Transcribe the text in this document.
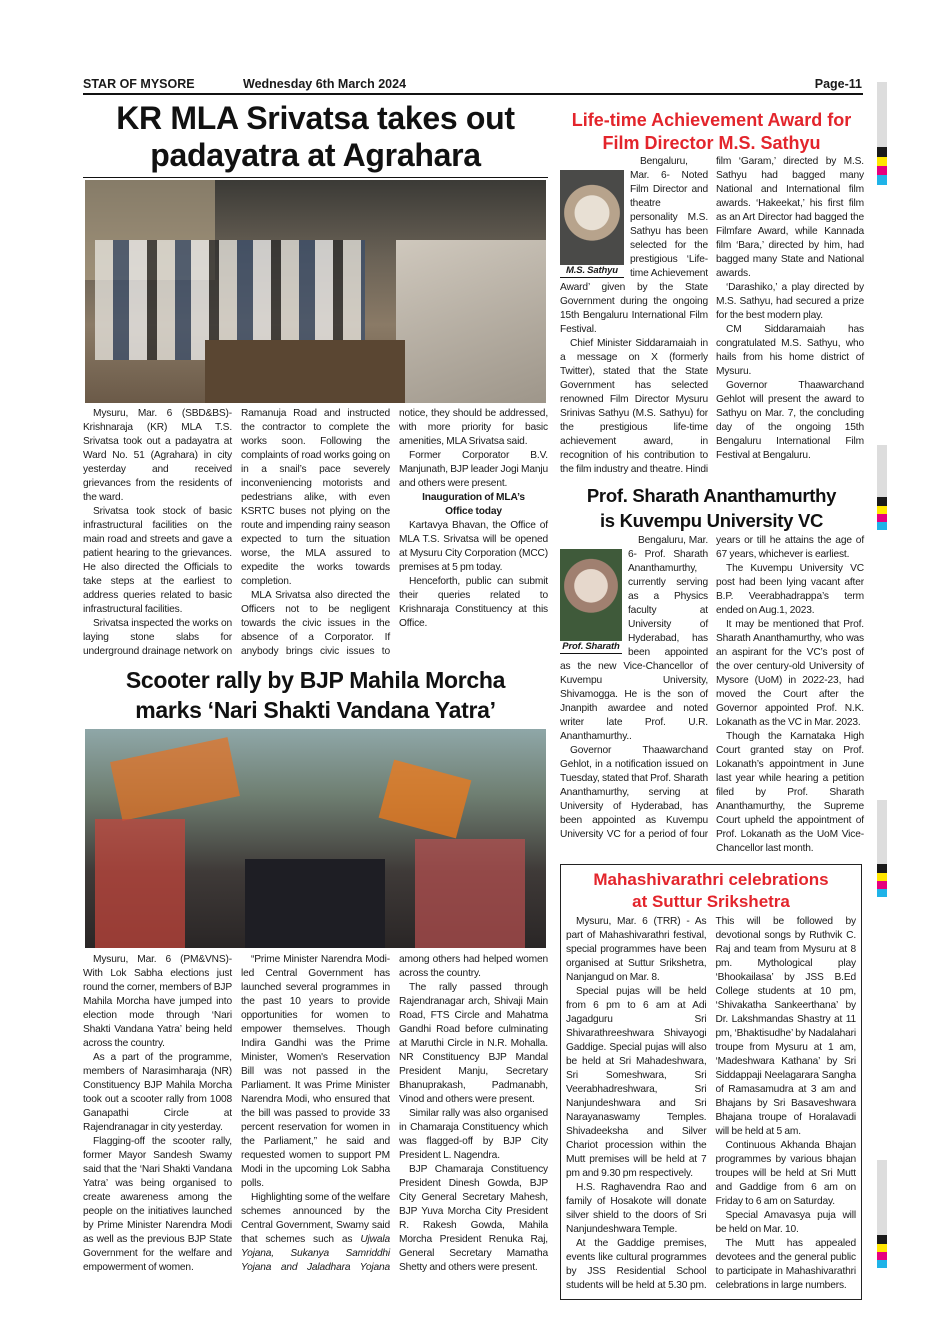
STAR OF MYSORE	Wednesday 6th March 2024	Page-11
KR MLA Srivatsa takes out
padayatra at Agrahara

Mysuru, Mar. 6 (SBD&BS)- Krishnaraja (KR) MLA T.S. Srivatsa took out a padayatra at Ward No. 51 (Agrahara) in city yesterday and received grievances from the residents of the ward.

Srivatsa took stock of basic infrastructural facilities on the main road and streets and gave a patient hearing to the grievances. He also directed the Officials to take steps at the earliest to address queries related to basic infrastructural facilities.

Srivatsa inspected the works on laying stone slabs for underground drainage network on Ramanuja Road and instructed the contractor to complete the works soon. Following the complaints of road works going on in a snail’s pace severely inconveniencing motorists and pedestrians alike, with even KSRTC buses not plying on the route and impending rainy season expected to turn the situation worse, the MLA assured to expedite the works towards completion.

MLA Srivatsa also directed the Officers not to be negligent towards the civic issues in the absence of a Corporator. If anybody brings civic issues to notice, they should be addressed, with more priority for basic amenities, MLA Srivatsa said.

Former Corporator B.V. Manjunath, BJP leader Jogi Manju and others were present.

Inauguration of MLA’s

Office today

Kartavya Bhavan, the Office of MLA T.S. Srivatsa will be opened at Mysuru City Corporation (MCC) premises at 5 pm today.

Henceforth, public can submit their queries related to Krishnaraja Constituency at this Office.

Scooter rally by BJP Mahila Morcha
marks ‘Nari Shakti Vandana Yatra’

Mysuru, Mar. 6 (PM&VNS)- With Lok Sabha elections just round the corner, members of BJP Mahila Morcha have jumped into election mode through ‘Nari Shakti Vandana Yatra’ being held across the country.

As a part of the programme, members of Narasimharaja (NR) Constituency BJP Mahila Morcha took out a scooter rally from 1008 Ganapathi Circle at Rajendranagar in city yesterday.

Flagging-off the scooter rally, former Mayor Sandesh Swamy said that the ‘Nari Shakti Vandana Yatra’ was being organised to create awareness among the people on the initiatives launched by Prime Minister Narendra Modi as well as the previous BJP State Government for the welfare and empowerment of women.

“Prime Minister Narendra Modi-led Central Government has launched several programmes in the past 10 years to provide opportunities for women to empower themselves. Though Indira Gandhi was the Prime Minister, Women's Reservation Bill was not passed in the Parliament. It was Prime Minister Narendra Modi, who ensured that the bill was passed to provide 33 percent reservation for women in the Parliament,” he said and requested women to support PM Modi in the upcoming Lok Sabha polls.

Highlighting some of the welfare schemes announced by the Central Government, Swamy said that schemes such as Ujwala Yojana, Sukanya Samriddhi Yojana and Jaladhara Yojana among others had helped women across the country.

The rally passed through Rajendranagar arch, Shivaji Main Road, FTS Circle and Mahatma Gandhi Road before culminating at Maruthi Circle in N.R. Mohalla. NR Constituency BJP Mandal President Manju, Secretary Bhanuprakash, Padmanabh, Vinod and others were present.

Similar rally was also organised in Chamaraja Constituency which was flagged-off by BJP City President L. Nagendra.

BJP Chamaraja Constituency President Dinesh Gowda, BJP City General Secretary Mahesh, BJP Yuva Morcha City President R. Rakesh Gowda, Mahila Morcha President Renuka Raj, General Secretary Mamatha Shetty and others were present.

Life-time Achievement Award for
Film Director M.S. Sathyu
M.S. Sathyu

Bengaluru, Mar. 6- Noted Film Director and theatre personality M.S. Sathyu has been selected for the prestigious ‘Life-time Achievement Award’ given by the State Government during the ongoing 15th Bengaluru International Film Festival.

Chief Minister Siddaramaiah in a message on X (formerly Twitter), stated that the State Government has selected renowned Film Director Mysuru Srinivas Sathyu (M.S. Sathyu) for the prestigious life-time achievement award, in recognition of his contribution to the film industry and theatre. Hindi film ‘Garam,’ directed by M.S. Sathyu had bagged many National and International film awards. ‘Hakeekat,’ his first film as an Art Director had bagged the Filmfare Award, while Kannada film ‘Bara,’ directed by him, had bagged many State and National awards.

‘Darashiko,’ a play directed by M.S. Sathyu, had secured a prize for the best modern play.

CM Siddaramaiah has congratulated M.S. Sathyu, who hails from his home district of Mysuru.

Governor Thaawarchand Gehlot will present the award to Sathyu on Mar. 7, the concluding day of the ongoing 15th Bengaluru International Film Festival at Bengaluru.

Prof. Sharath Ananthamurthy
is Kuvempu University VC
Prof. Sharath

Bengaluru, Mar. 6- Prof. Sharath Ananthamurthy, currently serving as a Physics faculty at University of Hyderabad, has been appointed as the new Vice-Chancellor of Kuvempu University, Shivamogga. He is the son of Jnanpith awardee and noted writer late Prof. U.R. Ananthamurthy..

Governor Thaawarchand Gehlot, in a notification issued on Tuesday, stated that Prof. Sharath Ananthamurthy, serving at University of Hyderabad, has been appointed as Kuvempu University VC for a period of four years or till he attains the age of 67 years, whichever is earliest.

The Kuvempu University VC post had been lying vacant after B.P. Veerabhadrappa’s term ended on Aug.1, 2023.

It may be mentioned that Prof. Sharath Ananthamurthy, who was an aspirant for the VC’s post of the over century-old University of Mysore (UoM) in 2022-23, had moved the Court after the Governor appointed Prof. N.K. Lokanath as the VC in Mar. 2023.

Though the Karnataka High Court granted stay on Prof. Lokanath’s appointment in June last year while hearing a petition filed by Prof. Sharath Ananthamurthy, the Supreme Court upheld the appointment of Prof. Lokanath as the UoM Vice-Chancellor last month.

Mahashivarathri celebrations
at Suttur Srikshetra

Mysuru, Mar. 6 (TRR) - As part of Mahashivarathri festival, special programmes have been organised at Suttur Srikshetra, Nanjangud on Mar. 8.

Special pujas will be held from 6 pm to 6 am at Adi Jagadguru Sri Shivarathreeshwara Shivayogi Gaddige. Special pujas will also be held at Sri Mahadeshwara, Sri Someshwara, Sri Veerabhadreshwara, Sri Nanjundeshwara and Sri Narayanaswamy Temples. Shivadeeksha and Silver Chariot procession within the Mutt premises will be held at 7 pm and 9.30 pm respectively.

H.S. Raghavendra Rao and family of Hosakote will donate silver shield to the doors of Sri Nanjundeshwara Temple.

At the Gaddige premises, events like cultural programmes by JSS Residential School students will be held at 5.30 pm. This will be followed by devotional songs by Ruthvik C. Raj and team from Mysuru at 8 pm. Mythological play ‘Bhookailasa’ by JSS B.Ed College students at 10 pm, ‘Shivakatha Sankeerthana’ by Dr. Lakshmandas Shastry at 11 pm, ‘Bhaktisudhe’ by Nadalahari troupe from Mysuru at 1 am, ‘Madeshwara Kathana’ by Sri Siddappaji Neelagarara Sangha of Ramasamudra at 3 am and Bhajans by Sri Basaveshwara Bhajana troupe of Horalavadi will be held at 5 am.

Continuous Akhanda Bhajan programmes by various bhajan troupes will be held at Sri Mutt and Gaddige from 6 am on Friday to 6 am on Saturday.

Special Amavasya puja will be held on Mar. 10.

The Mutt has appealed devotees and the general public to participate in Mahashivarathri celebrations in large numbers.
